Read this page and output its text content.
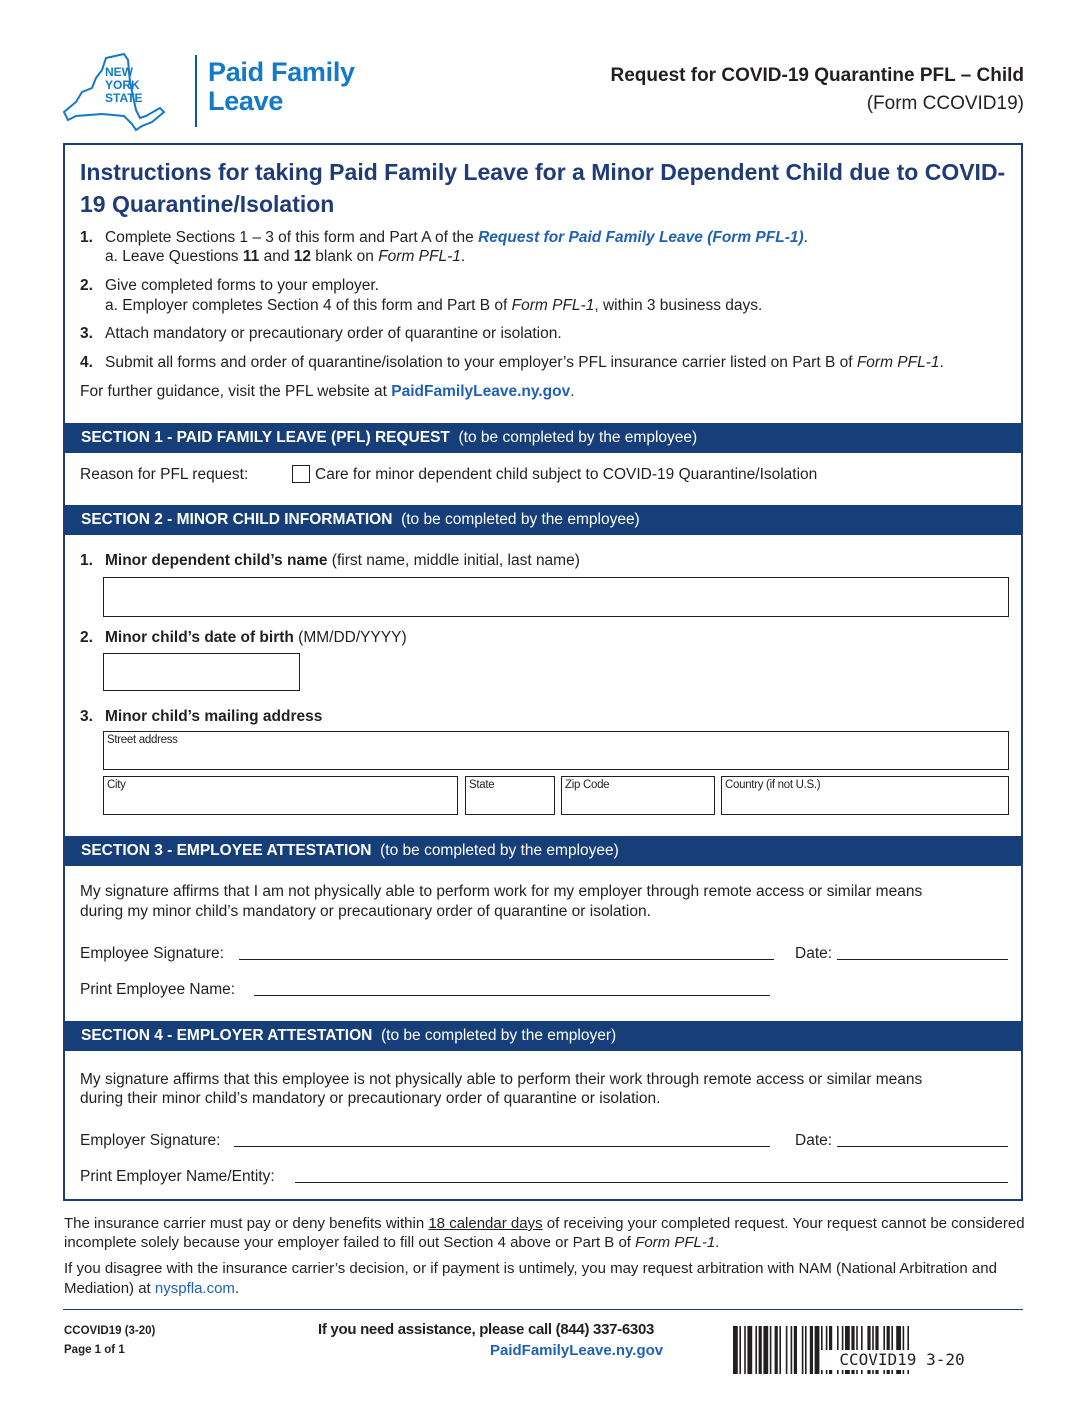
NEW
YORK
STATE
Paid Family
Leave
Request for COVID-19 Quarantine PFL – Child
(Form CCOVID19)
Instructions for taking Paid Family Leave for a Minor Dependent Child due to COVID-19 Quarantine/Isolation
1. Complete Sections 1 – 3 of this form and Part A of the Request for Paid Family Leave (Form PFL-1).
a. Leave Questions 11 and 12 blank on Form PFL-1.
2. Give completed forms to your employer.
a. Employer completes Section 4 of this form and Part B of Form PFL-1, within 3 business days.
3. Attach mandatory or precautionary order of quarantine or isolation.
4. Submit all forms and order of quarantine/isolation to your employer’s PFL insurance carrier listed on Part B of Form PFL-1.
For further guidance, visit the PFL website at PaidFamilyLeave.ny.gov.
SECTION 1 - PAID FAMILY LEAVE (PFL) REQUEST (to be completed by the employee)
Reason for PFL request:	Care for minor dependent child subject to COVID-19 Quarantine/Isolation
SECTION 2 - MINOR CHILD INFORMATION (to be completed by the employee)
1. Minor dependent child’s name (first name, middle initial, last name)
2. Minor child’s date of birth (MM/DD/YYYY)
3. Minor child’s mailing address
Street address
City	State	Zip Code	Country (if not U.S.)
SECTION 3 - EMPLOYEE ATTESTATION (to be completed by the employee)
My signature affirms that I am not physically able to perform work for my employer through remote access or similar means
during my minor child’s mandatory or precautionary order of quarantine or isolation.
Employee Signature:	Date:
Print Employee Name:
SECTION 4 - EMPLOYER ATTESTATION (to be completed by the employer)
My signature affirms that this employee is not physically able to perform their work through remote access or similar means
during their minor child’s mandatory or precautionary order of quarantine or isolation.
Employer Signature:	Date:
Print Employer Name/Entity:
The insurance carrier must pay or deny benefits within 18 calendar days of receiving your completed request. Your request cannot be considered
incomplete solely because your employer failed to fill out Section 4 above or Part B of Form PFL-1.
If you disagree with the insurance carrier’s decision, or if payment is untimely, you may request arbitration with NAM (National Arbitration and
Mediation) at nyspfla.com.
CCOVID19 (3-20)
Page 1 of 1
If you need assistance, please call (844) 337-6303
PaidFamilyLeave.ny.gov	CCOVID19 3-20
